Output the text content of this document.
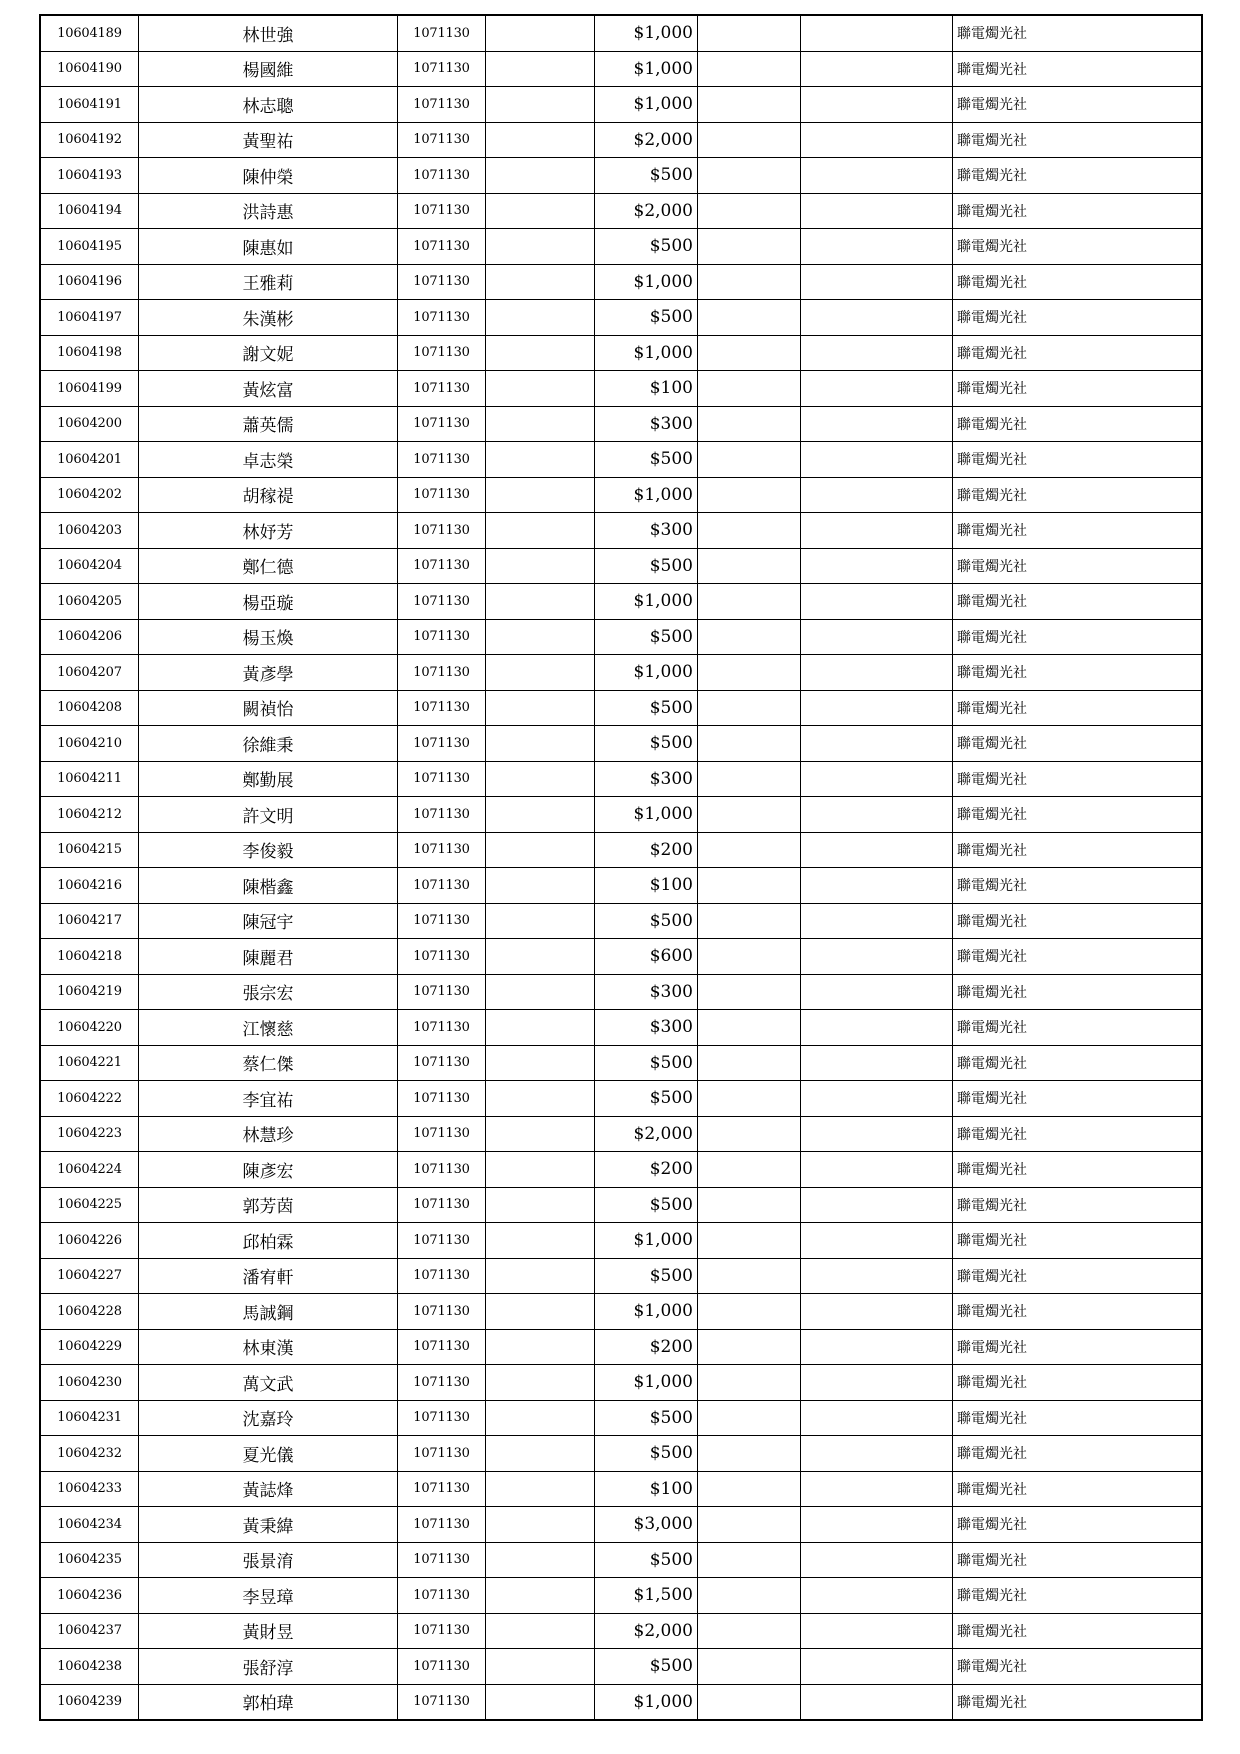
10604189	林世強	1071130		$1,000			聯電燭光社
10604190	楊國維	1071130		$1,000			聯電燭光社
10604191	林志聰	1071130		$1,000			聯電燭光社
10604192	黃聖祐	1071130		$2,000			聯電燭光社
10604193	陳仲榮	1071130		$500			聯電燭光社
10604194	洪詩惠	1071130		$2,000			聯電燭光社
10604195	陳惠如	1071130		$500			聯電燭光社
10604196	王雅莉	1071130		$1,000			聯電燭光社
10604197	朱漢彬	1071130		$500			聯電燭光社
10604198	謝文妮	1071130		$1,000			聯電燭光社
10604199	黃炫富	1071130		$100			聯電燭光社
10604200	蕭英儒	1071130		$300			聯電燭光社
10604201	卓志榮	1071130		$500			聯電燭光社
10604202	胡稼禔	1071130		$1,000			聯電燭光社
10604203	林妤芳	1071130		$300			聯電燭光社
10604204	鄭仁德	1071130		$500			聯電燭光社
10604205	楊亞璇	1071130		$1,000			聯電燭光社
10604206	楊玉煥	1071130		$500			聯電燭光社
10604207	黃彥學	1071130		$1,000			聯電燭光社
10604208	闕禎怡	1071130		$500			聯電燭光社
10604210	徐維秉	1071130		$500			聯電燭光社
10604211	鄭勤展	1071130		$300			聯電燭光社
10604212	許文明	1071130		$1,000			聯電燭光社
10604215	李俊毅	1071130		$200			聯電燭光社
10604216	陳楷鑫	1071130		$100			聯電燭光社
10604217	陳冠宇	1071130		$500			聯電燭光社
10604218	陳麗君	1071130		$600			聯電燭光社
10604219	張宗宏	1071130		$300			聯電燭光社
10604220	江懷慈	1071130		$300			聯電燭光社
10604221	蔡仁傑	1071130		$500			聯電燭光社
10604222	李宜祐	1071130		$500			聯電燭光社
10604223	林慧珍	1071130		$2,000			聯電燭光社
10604224	陳彥宏	1071130		$200			聯電燭光社
10604225	郭芳茵	1071130		$500			聯電燭光社
10604226	邱柏霖	1071130		$1,000			聯電燭光社
10604227	潘宥軒	1071130		$500			聯電燭光社
10604228	馬誠鋼	1071130		$1,000			聯電燭光社
10604229	林東漢	1071130		$200			聯電燭光社
10604230	萬文武	1071130		$1,000			聯電燭光社
10604231	沈嘉玲	1071130		$500			聯電燭光社
10604232	夏光儀	1071130		$500			聯電燭光社
10604233	黃誌烽	1071130		$100			聯電燭光社
10604234	黃秉緯	1071130		$3,000			聯電燭光社
10604235	張景淯	1071130		$500			聯電燭光社
10604236	李昱璋	1071130		$1,500			聯電燭光社
10604237	黃財昱	1071130		$2,000			聯電燭光社
10604238	張舒淳	1071130		$500			聯電燭光社
10604239	郭柏瑋	1071130		$1,000			聯電燭光社
